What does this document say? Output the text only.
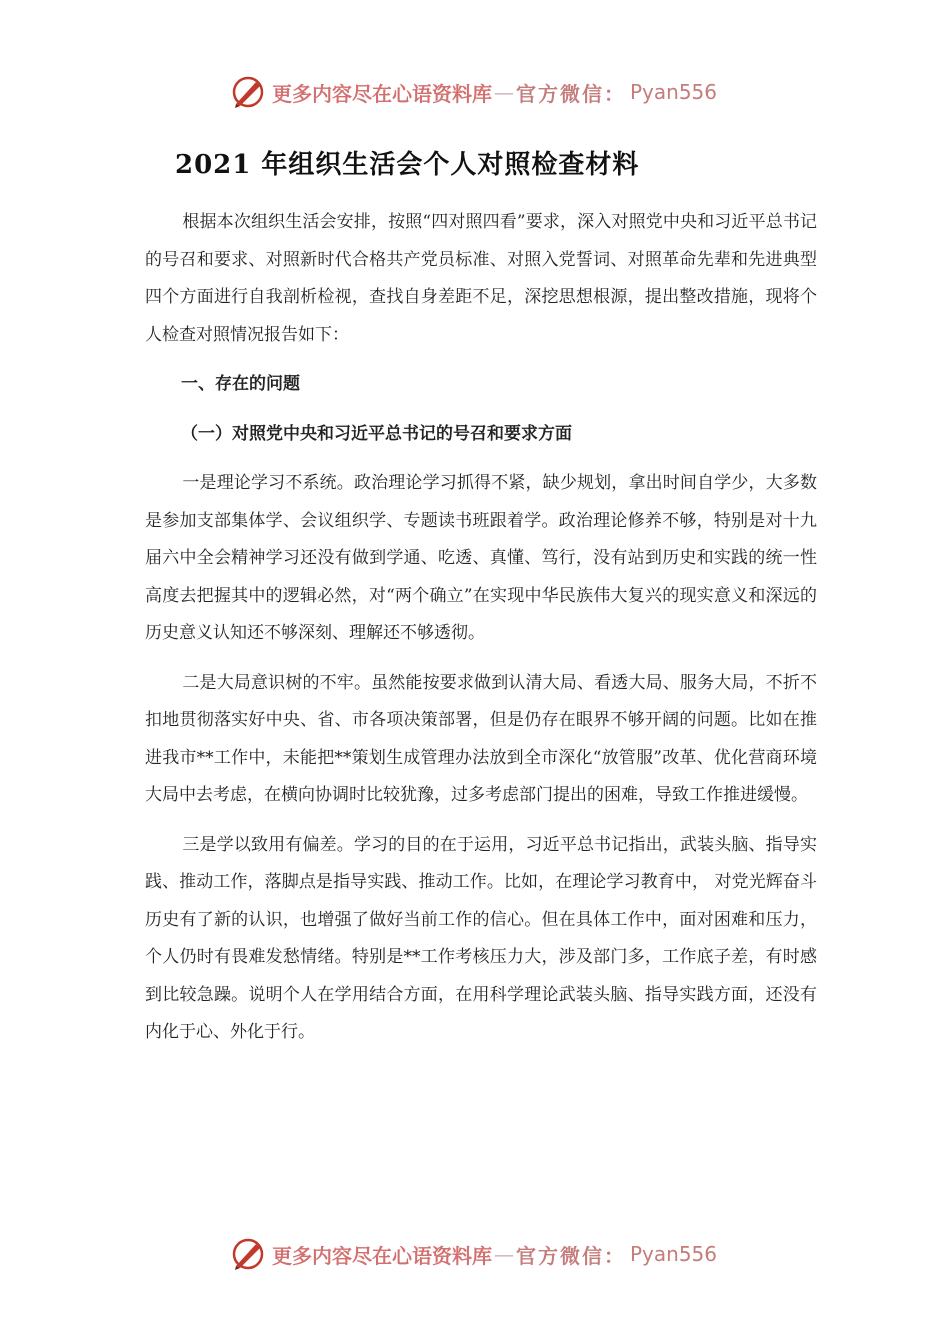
更多内容尽在心语资料库 — 官方微信： Pyan556
2021 年组织生活会个人对照检查材料

根据本次组织生活会安排，按照“四对照四看”要求，深入对照党中央和习近平总书记的号召和要求、对照新时代合格共产党员标准、对照入党誓词、对照革命先辈和先进典型四个方面进行自我剖析检视，查找自身差距不足，深挖思想根源，提出整改措施，现将个人检查对照情况报告如下：

一、存在的问题
（一）对照党中央和习近平总书记的号召和要求方面

一是理论学习不系统。政治理论学习抓得不紧，缺少规划，拿出时间自学少，大多数是参加支部集体学、会议组织学、专题读书班跟着学。政治理论修养不够，特别是对十九届六中全会精神学习还没有做到学通、吃透、真懂、笃行，没有站到历史和实践的统一性高度去把握其中的逻辑必然，对“两个确立”在实现中华民族伟大复兴的现实意义和深远的历史意义认知还不够深刻、理解还不够透彻。

二是大局意识树的不牢。虽然能按要求做到认清大局、看透大局、服务大局，不折不扣地贯彻落实好中央、省、市各项决策部署，但是仍存在眼界不够开阔的问题。比如在推进我市**工作中，未能把**策划生成管理办法放到全市深化“放管服”改革、优化营商环境大局中去考虑，在横向协调时比较犹豫，过多考虑部门提出的困难，导致工作推进缓慢。

三是学以致用有偏差。学习的目的在于运用，习近平总书记指出，武装头脑、指导实践、推动工作，落脚点是指导实践、推动工作。比如，在理论学习教育中， 对党光辉奋斗历史有了新的认识，也增强了做好当前工作的信心。但在具体工作中，面对困难和压力，个人仍时有畏难发愁情绪。特别是**工作考核压力大，涉及部门多，工作底子差，有时感到比较急躁。说明个人在学用结合方面，在用科学理论武装头脑、指导实践方面，还没有内化于心、外化于行。

更多内容尽在心语资料库 — 官方微信： Pyan556
